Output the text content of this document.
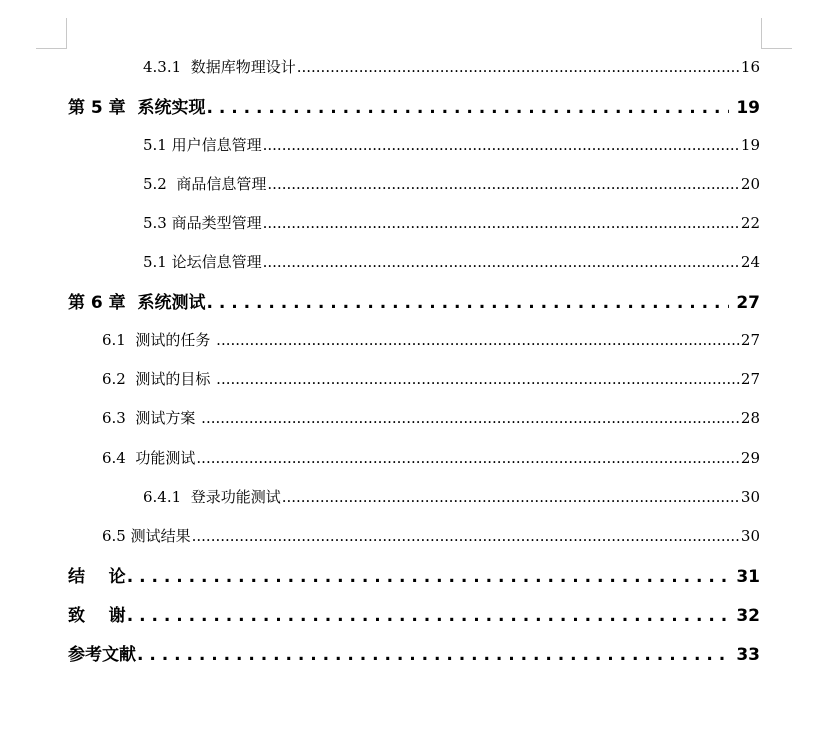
4.3.1  数据库物理设计 .....	16
第 5 章  系统实现 . . .	19
5.1 用户信息管理 .....	19
5.2  商品信息管理 .....	20
5.3 商品类型管理 .....	22
5.1 论坛信息管理 .....	24
第 6 章  系统测试 . . .	27
6.1  测试的任务 .....	27
6.2  测试的目标 .....	27
6.3  测试方案 .....	28
6.4  功能测试 .....	29
6.4.1  登录功能测试 .....	30
6.5 测试结果 .....	30
结    论 . . .	31
致    谢 . . .	32
参考文献 . . .	33
